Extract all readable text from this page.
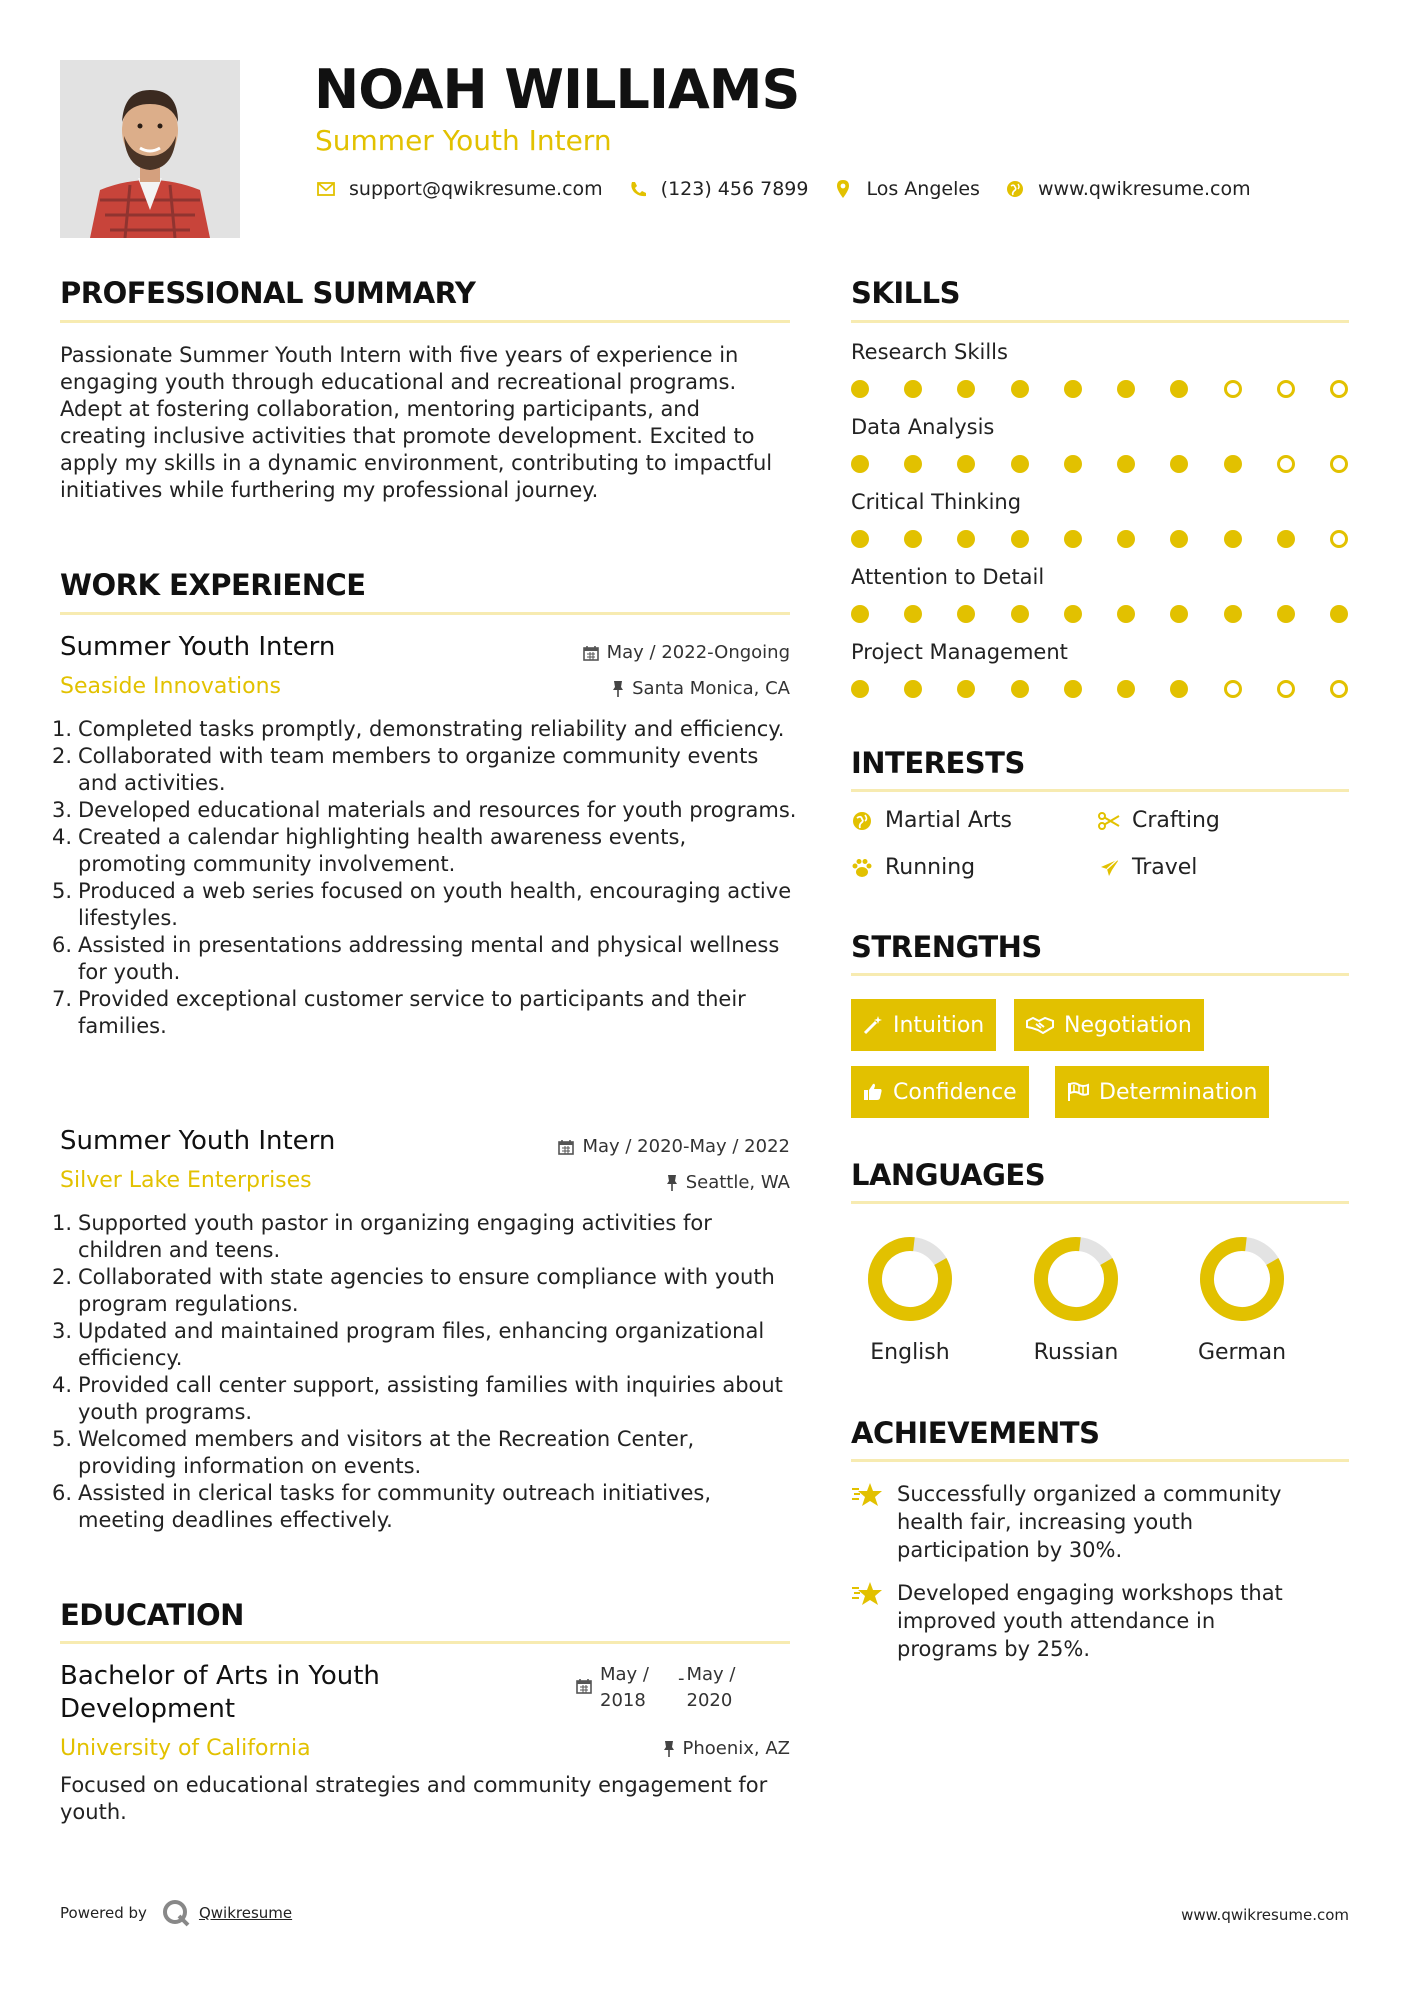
NOAH WILLIAMS
Summer Youth Intern
support@qwikresume.com	(123) 456 7899	Los Angeles	www.qwikresume.com
PROFESSIONAL SUMMARY
Passionate Summer Youth Intern with five years of experience in engaging youth through educational and recreational programs. Adept at fostering collaboration, mentoring participants, and creating inclusive activities that promote development. Excited to apply my skills in a dynamic environment, contributing to impactful initiatives while furthering my professional journey.
WORK EXPERIENCE
Summer Youth Intern	May / 2022-Ongoing
Seaside Innovations	Santa Monica, CA
1. Completed tasks promptly, demonstrating reliability and efficiency.
2. Collaborated with team members to organize community events and activities.
3. Developed educational materials and resources for youth programs.
4. Created a calendar highlighting health awareness events, promoting community involvement.
5. Produced a web series focused on youth health, encouraging active lifestyles.
6. Assisted in presentations addressing mental and physical wellness for youth.
7. Provided exceptional customer service to participants and their families.
Summer Youth Intern	May / 2020-May / 2022
Silver Lake Enterprises	Seattle, WA
1. Supported youth pastor in organizing engaging activities for children and teens.
2. Collaborated with state agencies to ensure compliance with youth program regulations.
3. Updated and maintained program files, enhancing organizational efficiency.
4. Provided call center support, assisting families with inquiries about youth programs.
5. Welcomed members and visitors at the Recreation Center, providing information on events.
6. Assisted in clerical tasks for community outreach initiatives, meeting deadlines effectively.
EDUCATION
Bachelor of Arts in Youth
Development
May /
2018
- May /
2020
University of California	Phoenix, AZ
Focused on educational strategies and community engagement for youth.
SKILLS
Research Skills
Data Analysis
Critical Thinking
Attention to Detail
Project Management
INTERESTS
Martial Arts	Crafting
Running	Travel
STRENGTHS
Intuition	Negotiation
Confidence	Determination
LANGUAGES
English	Russian	German
ACHIEVEMENTS
Successfully organized a community health fair, increasing youth participation by 30%.
Developed engaging workshops that improved youth attendance in programs by 25%.
Powered by	Qwikresume	www.qwikresume.com
